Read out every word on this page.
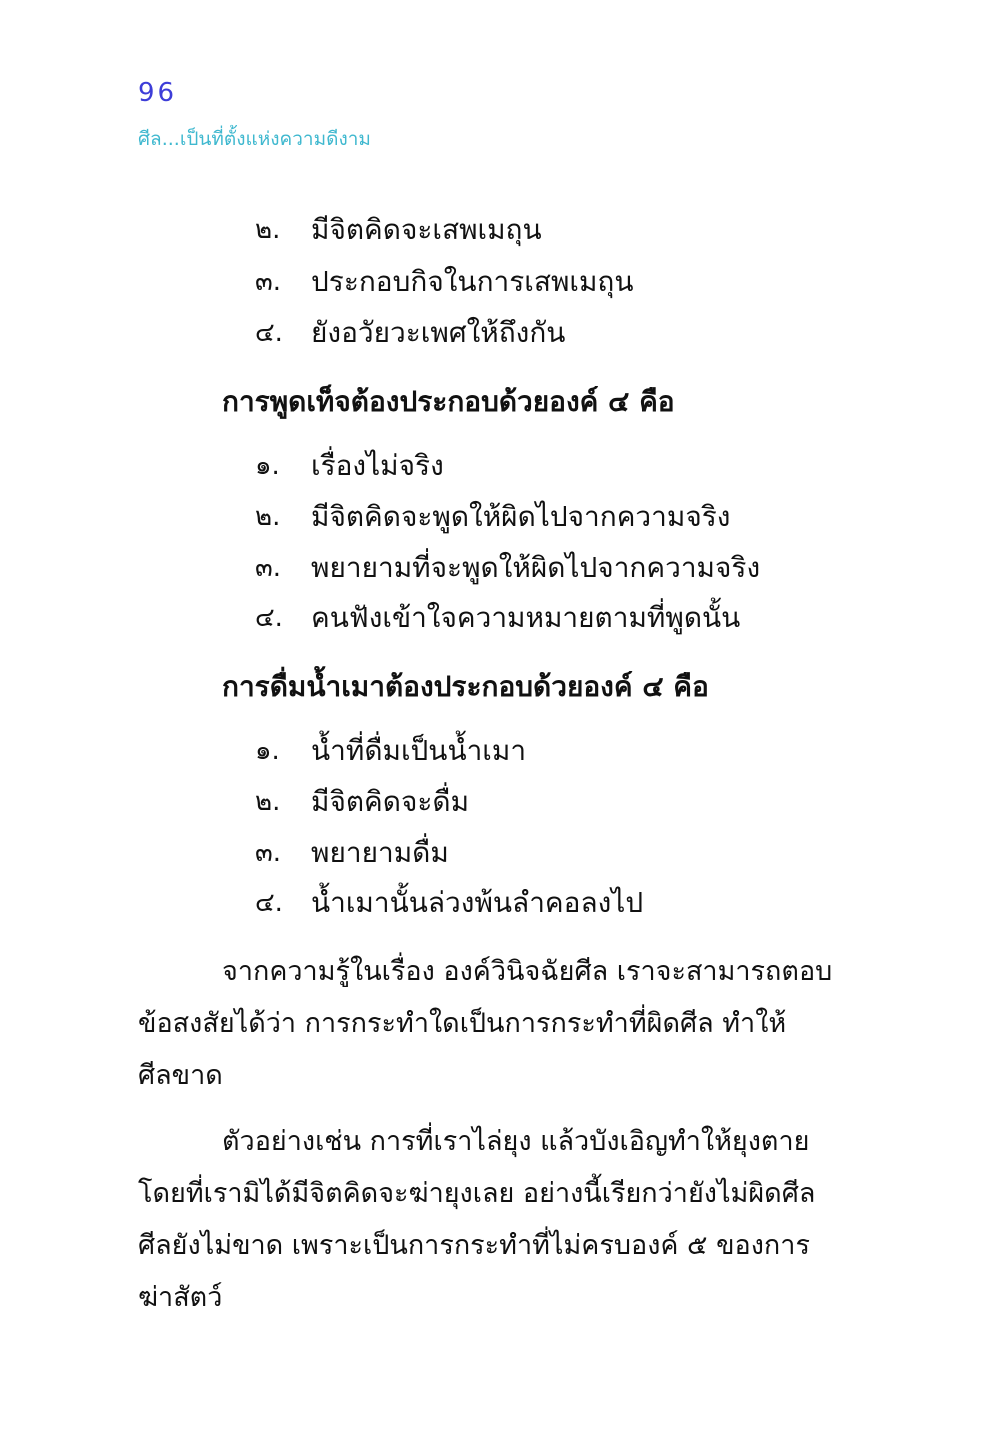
96
ศีล...เป็นที่ตั้งแห่งความดีงาม
๒. มีจิตคิดจะเสพเมถุน
๓. ประกอบกิจในการเสพเมถุน
๔. ยังอวัยวะเพศให้ถึงกัน
การพูดเท็จต้องประกอบด้วยองค์ ๔ คือ
๑. เรื่องไม่จริง
๒. มีจิตคิดจะพูดให้ผิดไปจากความจริง
๓. พยายามที่จะพูดให้ผิดไปจากความจริง
๔. คนฟังเข้าใจความหมายตามที่พูดนั้น
การดื่มน้ำเมาต้องประกอบด้วยองค์ ๔ คือ
๑. น้ำที่ดื่มเป็นน้ำเมา
๒. มีจิตคิดจะดื่ม
๓. พยายามดื่ม
๔. น้ำเมานั้นล่วงพ้นลำคอลงไป
จากความรู้ในเรื่อง องค์วินิจฉัยศีล เราจะสามารถตอบ
ข้อสงสัยได้ว่า การกระทำใดเป็นการกระทำที่ผิดศีล ทำให้
ศีลขาด
ตัวอย่างเช่น การที่เราไล่ยุง แล้วบังเอิญทำให้ยุงตาย
โดยที่เรามิได้มีจิตคิดจะฆ่ายุงเลย อย่างนี้เรียกว่ายังไม่ผิดศีล
ศีลยังไม่ขาด เพราะเป็นการกระทำที่ไม่ครบองค์ ๕ ของการ
ฆ่าสัตว์
